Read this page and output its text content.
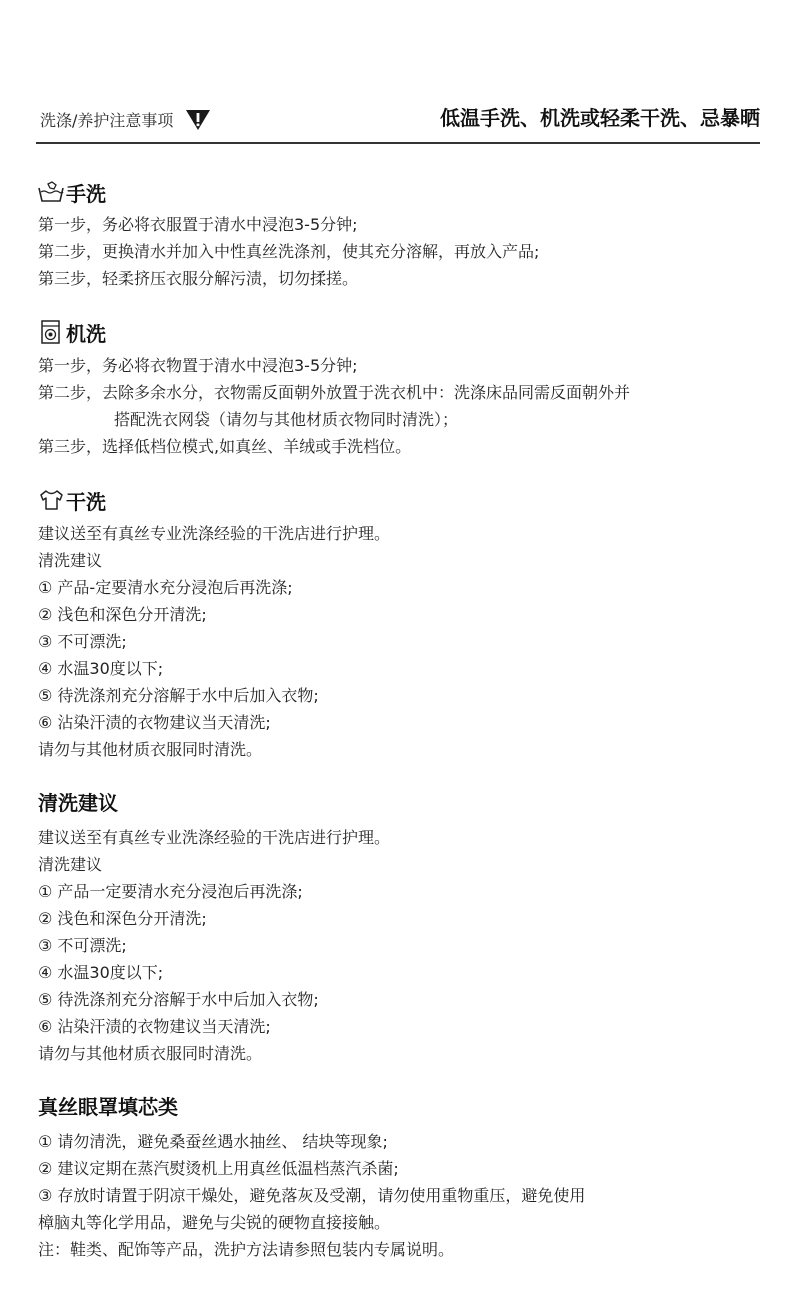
洗涤/养护注意事项	低温手洗、机洗或轻柔干洗、忌暴晒
手洗
第一步，务必将衣服置于清水中浸泡3-5分钟;
第二步，更换清水并加入中性真丝洗涤剂，使其充分溶解，再放入产品;
第三步，轻柔挤压衣服分解污渍，切勿揉搓。
机洗
第一步，务必将衣物置于清水中浸泡3-5分钟;
第二步，去除多余水分，衣物需反面朝外放置于洗衣机中：洗涤床品同需反面朝外并
搭配洗衣网袋（请勿与其他材质衣物同时清洗）；
第三步，选择低档位模式,如真丝、羊绒或手洗档位。
干洗
建议送至有真丝专业洗涤经验的干洗店进行护理。
清洗建议
① 产品-定要清水充分浸泡后再洗涤;
② 浅色和深色分开清洗;
③ 不可漂洗;
④ 水温30度以下;
⑤ 待洗涤剂充分溶解于水中后加入衣物;
⑥ 沾染汗渍的衣物建议当天清洗;
请勿与其他材质衣服同时清洗。
清洗建议
建议送至有真丝专业洗涤经验的干洗店进行护理。
清洗建议
① 产品一定要清水充分浸泡后再洗涤;
② 浅色和深色分开清洗;
③ 不可漂洗;
④ 水温30度以下;
⑤ 待洗涤剂充分溶解于水中后加入衣物;
⑥ 沾染汗渍的衣物建议当天清洗;
请勿与其他材质衣服同时清洗。
真丝眼罩填芯类
① 请勿清洗，避免桑蚕丝遇水抽丝、 结块等现象;
② 建议定期在蒸汽熨烫机上用真丝低温档蒸汽杀菌;
③ 存放时请置于阴凉干燥处，避免落灰及受潮，请勿使用重物重压，避免使用
樟脑丸等化学用品，避免与尖锐的硬物直接接触。
注：鞋类、配饰等产品，洗护方法请参照包装内专属说明。
